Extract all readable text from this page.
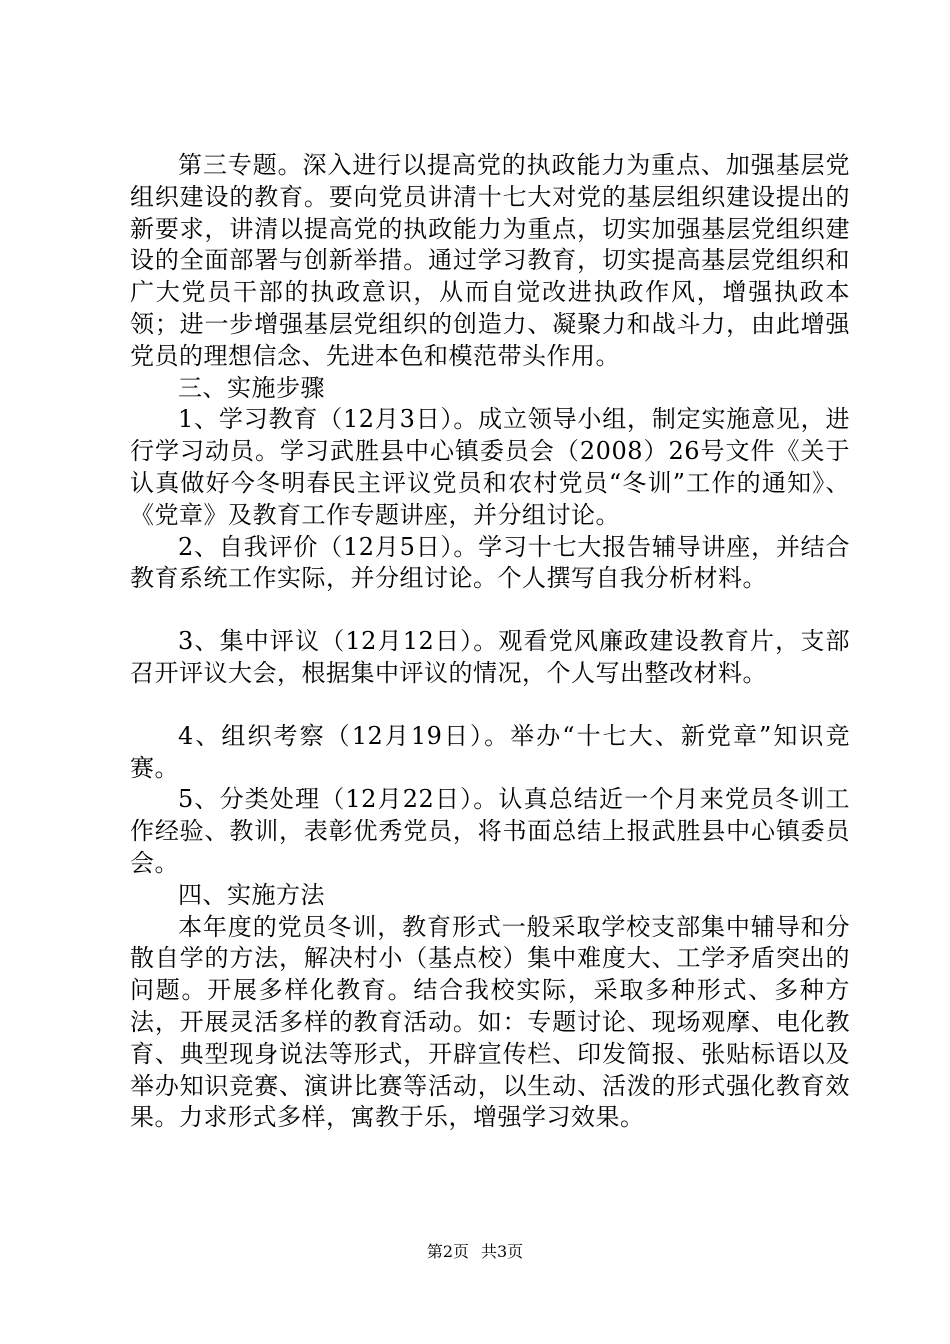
第三专题。深入进行以提高党的执政能力为重点、加强基层党组织建设的教育。要向党员讲清十七大对党的基层组织建设提出的新要求，讲清以提高党的执政能力为重点，切实加强基层党组织建设的全面部署与创新举措。通过学习教育，切实提高基层党组织和广大党员干部的执政意识，从而自觉改进执政作风，增强执政本领；进一步增强基层党组织的创造力、凝聚力和战斗力，由此增强党员的理想信念、先进本色和模范带头作用。

三、实施步骤

1、学习教育（12月3日）。成立领导小组，制定实施意见，进行学习动员。学习武胜县中心镇委员会（2008）26号文件《关于认真做好今冬明春民主评议党员和农村党员“冬训”工作的通知》、《党章》及教育工作专题讲座，并分组讨论。

2、自我评价（12月5日）。学习十七大报告辅导讲座，并结合教育系统工作实际，并分组讨论。个人撰写自我分析材料。

3、集中评议（12月12日）。观看党风廉政建设教育片，支部召开评议大会，根据集中评议的情况，个人写出整改材料。

4、组织考察（12月19日）。举办“十七大、新党章”知识竞赛。

5、分类处理（12月22日）。认真总结近一个月来党员冬训工作经验、教训，表彰优秀党员，将书面总结上报武胜县中心镇委员会。

四、实施方法

本年度的党员冬训，教育形式一般采取学校支部集中辅导和分散自学的方法，解决村小（基点校）集中难度大、工学矛盾突出的问题。开展多样化教育。结合我校实际，采取多种形式、多种方法，开展灵活多样的教育活动。如：专题讨论、现场观摩、电化教育、典型现身说法等形式，开辟宣传栏、印发简报、张贴标语以及举办知识竞赛、演讲比赛等活动，以生动、活泼的形式强化教育效果。力求形式多样，寓教于乐，增强学习效果。

第2页 共3页
